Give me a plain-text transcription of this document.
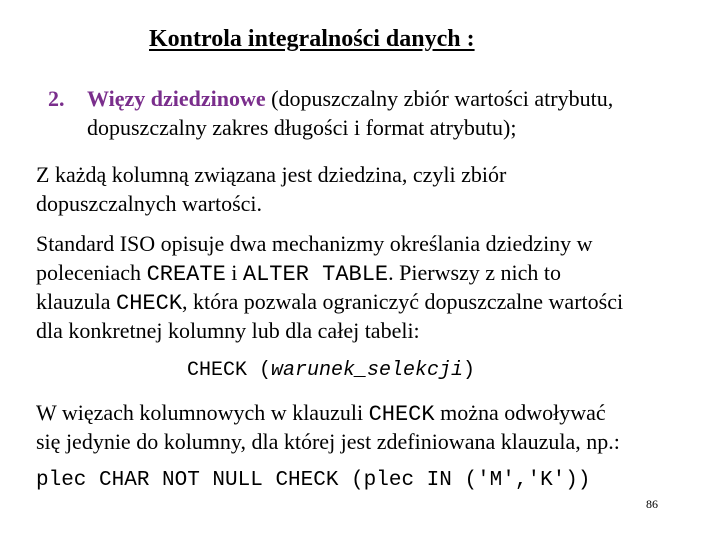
Kontrola integralności danych :
2. Więzy dziedzinowe (dopuszczalny zbiór wartości atrybutu,
dopuszczalny zakres długości i format atrybutu);
Z każdą kolumną związana jest dziedzina, czyli zbiór
dopuszczalnych wartości.
Standard ISO opisuje dwa mechanizmy określania dziedziny w
poleceniach CREATE i ALTER TABLE. Pierwszy z nich to
klauzula CHECK, która pozwala ograniczyć dopuszczalne wartości
dla konkretnej kolumny lub dla całej tabeli:
CHECK (warunek_selekcji)
W więzach kolumnowych w klauzuli CHECK można odwoływać
się jedynie do kolumny, dla której jest zdefiniowana klauzula, np.:
plec CHAR NOT NULL CHECK (plec IN ('M','K'))
86
